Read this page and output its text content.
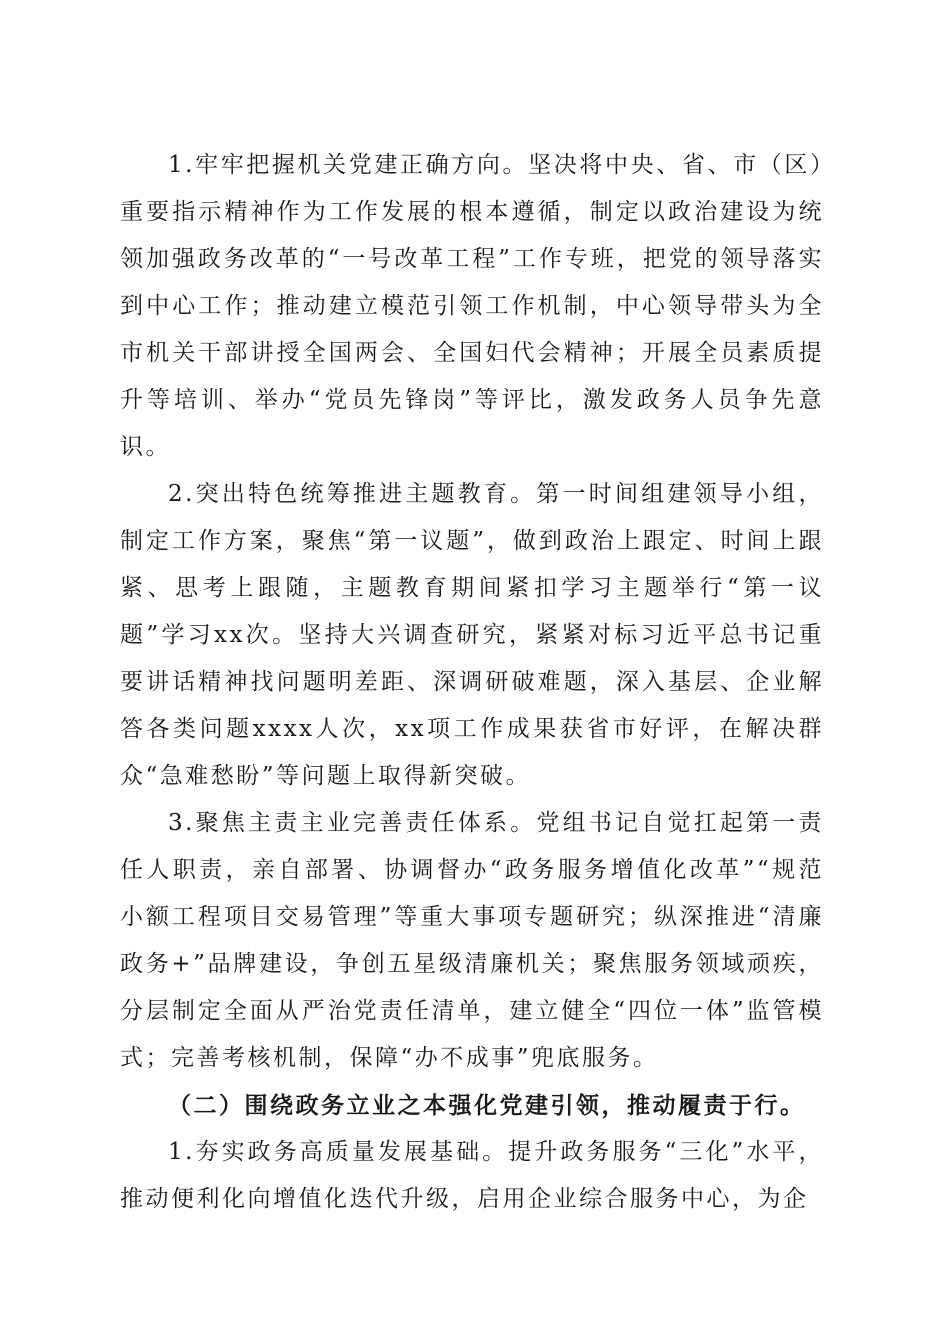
1.牢牢把握机关党建正确方向。坚决将中央、省、市（区）重要指示精神作为工作发展的根本遵循，制定以政治建设为统领加强政务改革的“一号改革工程”工作专班，把党的领导落实到中心工作；推动建立模范引领工作机制，中心领导带头为全市机关干部讲授全国两会、全国妇代会精神；开展全员素质提升等培训、举办“党员先锋岗”等评比，激发政务人员争先意识。

2.突出特色统筹推进主题教育。第一时间组建领导小组，制定工作方案，聚焦“第一议题”，做到政治上跟定、时间上跟紧、思考上跟随，主题教育期间紧扣学习主题举行“第一议题”学习xx次。坚持大兴调查研究，紧紧对标习近平总书记重要讲话精神找问题明差距、深调研破难题，深入基层、企业解答各类问题xxxx人次，xx项工作成果获省市好评，在解决群众“急难愁盼”等问题上取得新突破。

3.聚焦主责主业完善责任体系。党组书记自觉扛起第一责任人职责，亲自部署、协调督办“政务服务增值化改革”“规范小额工程项目交易管理”等重大事项专题研究；纵深推进“清廉政务+”品牌建设，争创五星级清廉机关；聚焦服务领域顽疾，分层制定全面从严治党责任清单，建立健全“四位一体”监管模式；完善考核机制，保障“办不成事”兜底服务。

（二）围绕政务立业之本强化党建引领，推动履责于行。

1.夯实政务高质量发展基础。提升政务服务“三化”水平，推动便利化向增值化迭代升级，启用企业综合服务中心，为企
